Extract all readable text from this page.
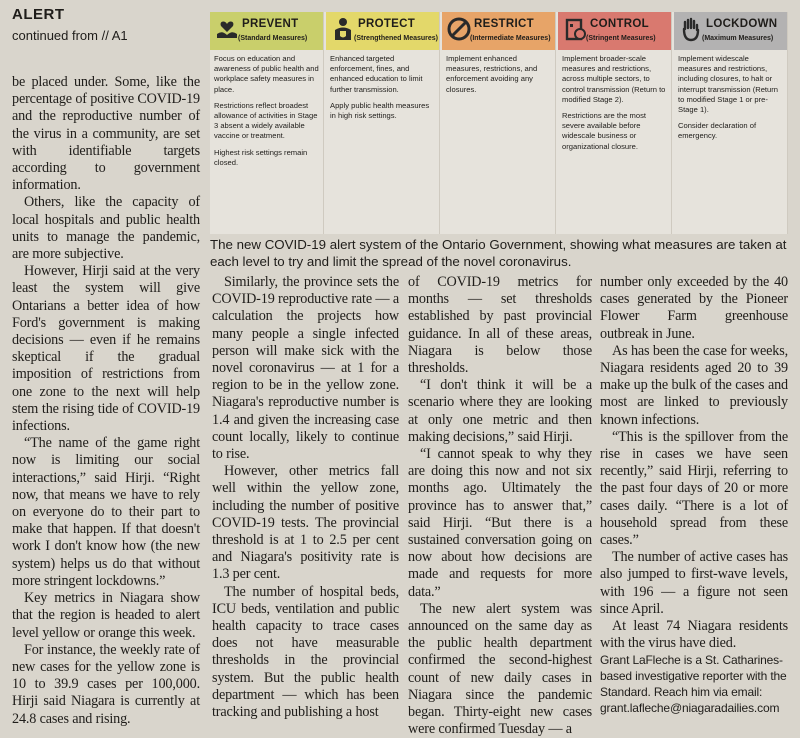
ALERT
continued from // A1
PREVENT
(Standard Measures)

Focus on education and awareness of public health and workplace safety measures in place.

Restrictions reflect broadest allowance of activities in Stage 3 absent a widely available vaccine or treatment.

Highest risk settings remain closed.

PROTECT
(Strengthened Measures)

Enhanced targeted enforcement, fines, and enhanced education to limit further transmission.

Apply public health measures in high risk settings.

RESTRICT
(Intermediate Measures)

Implement enhanced measures, restrictions, and enforcement avoiding any closures.

CONTROL
(Stringent Measures)

Implement broader-scale measures and restrictions, across multiple sectors, to control transmission (Return to modified Stage 2).

Restrictions are the most severe available before widescale business or organizational closure.

LOCKDOWN
(Maximum Measures)

Implement widescale measures and restrictions, including closures, to halt or interrupt transmission (Return to modified Stage 1 or pre-Stage 1).

Consider declaration of emergency.

The new COVID-19 alert system of the Ontario Government, showing what measures are taken at each level to try and limit the spread of the novel coronavirus.

be placed under. Some, like the percentage of positive COVID-19 and the reproductive number of the virus in a community, are set with identifiable targets according to government information.

Others, like the capacity of local hospitals and public health units to manage the pandemic, are more subjective.

However, Hirji said at the very least the system will give Ontarians a better idea of how Ford's government is making decisions — even if he remains skeptical if the gradual imposition of restrictions from one zone to the next will help stem the rising tide of COVID-19 infections.

“The name of the game right now is limiting our social interactions,” said Hirji. “Right now, that means we have to rely on everyone do to their part to make that happen. If that doesn't work I don't know how (the new system) helps us do that without more stringent lockdowns.”

Key metrics in Niagara show that the region is headed to alert level yellow or orange this week.

For instance, the weekly rate of new cases for the yellow zone is 10 to 39.9 cases per 100,000. Hirji said Niagara is currently at 24.8 cases and rising.

Similarly, the province sets the COVID-19 reproductive rate — a calculation the projects how many people a single infected person will make sick with the novel coronavirus — at 1 for a region to be in the yellow zone. Niagara's reproductive number is 1.4 and given the increasing case count locally, likely to continue to rise.

However, other metrics fall well within the yellow zone, including the number of positive COVID-19 tests. The provincial threshold is at 1 to 2.5 per cent and Niagara's positivity rate is 1.3 per cent.

The number of hospital beds, ICU beds, ventilation and public health capacity to trace cases does not have measurable thresholds in the provincial system. But the public health department — which has been tracking and publishing a host

of COVID-19 metrics for months — set thresholds established by past provincial guidance. In all of these areas, Niagara is below those thresholds.

“I don't think it will be a scenario where they are looking at only one metric and then making decisions,” said Hirji.

“I cannot speak to why they are doing this now and not six months ago. Ultimately the province has to answer that,” said Hirji. “But there is a sustained conversation going on now about how decisions are made and requests for more data.”

The new alert system was announced on the same day as the public health department confirmed the second-highest count of new daily cases in Niagara since the pandemic began. Thirty-eight new cases were confirmed Tuesday — a

number only exceeded by the 40 cases generated by the Pioneer Flower Farm greenhouse outbreak in June.

As has been the case for weeks, Niagara residents aged 20 to 39 make up the bulk of the cases and most are linked to previously known infections.

“This is the spillover from the rise in cases we have seen recently,” said Hirji, referring to the past four days of 20 or more cases daily. “There is a lot of household spread from these cases.”

The number of active cases has also jumped to first-wave levels, with 196 — a figure not seen since April.

At least 74 Niagara residents with the virus have died.

Grant LaFleche is a St. Catharines-based investigative reporter with the Standard. Reach him via email: grant.lafleche@niagaradailies.com
